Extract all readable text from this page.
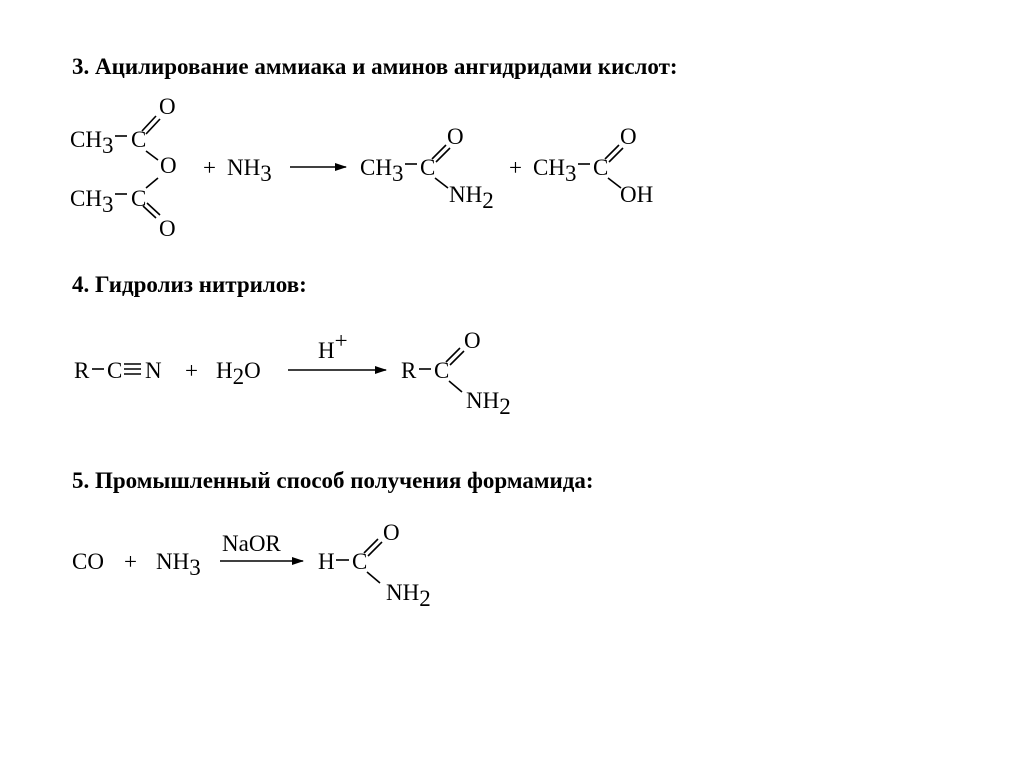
3. Ацилирование аммиака и аминов ангидридами кислот:
4. Гидролиз нитрилов:
5. Промышленный способ получения формамида:
CH3 C
O
O
CH3 C
O
+ NH3	CH3 C
O
NH2
+ CH3 C
O
OH
R C N + H2O
H+
R C
O
NH2
CO + NH3
NaOR
H C
O
NH2
